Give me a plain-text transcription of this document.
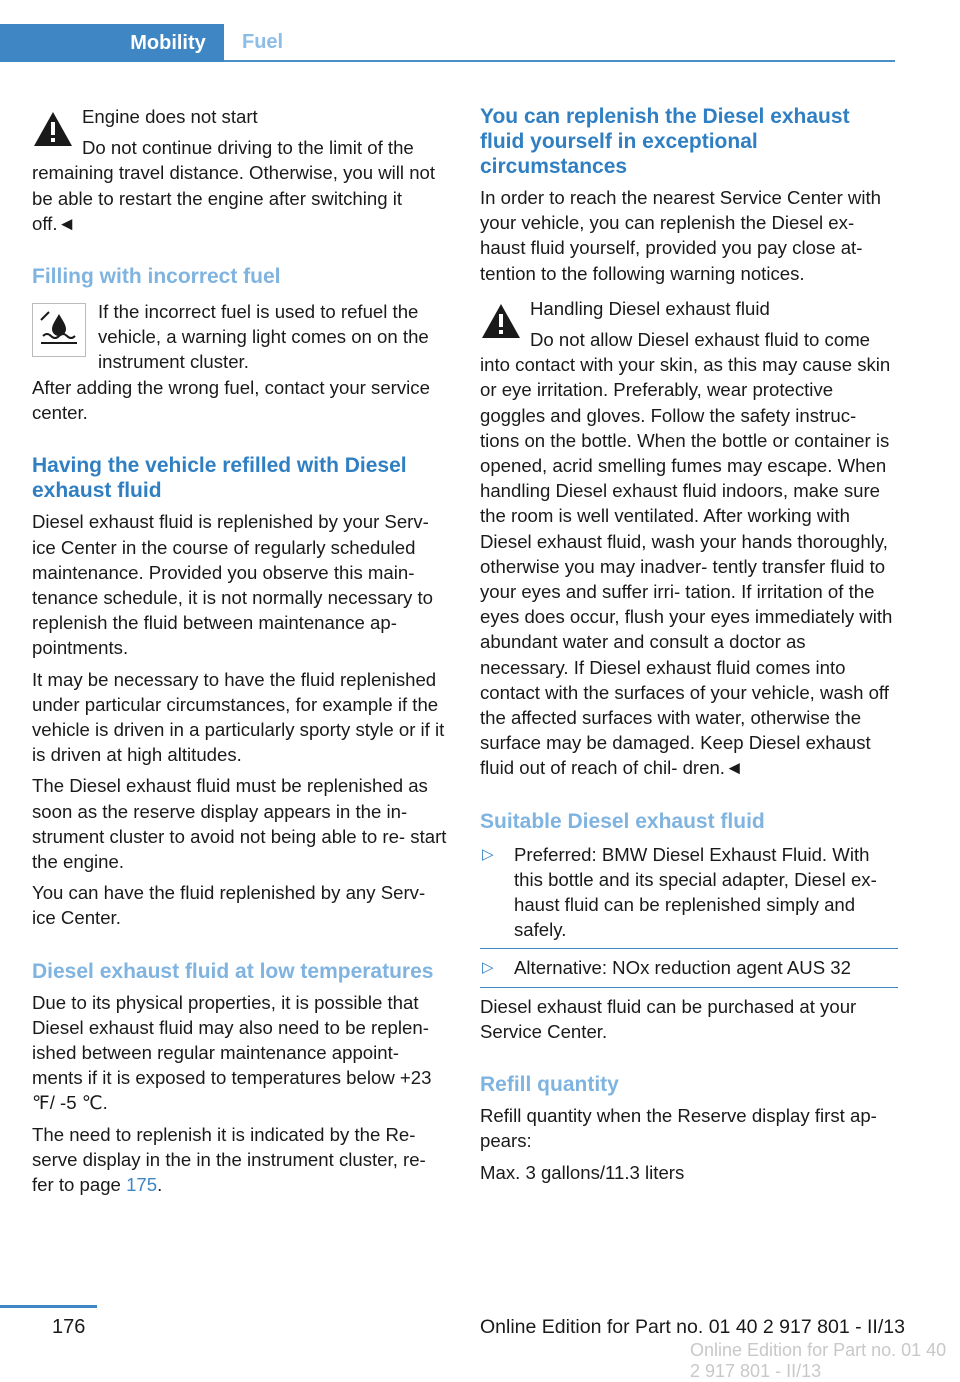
Mobility	Fuel

Engine does not start

Do not continue driving to the limit of the remaining travel distance. Otherwise, you will not be able to restart the engine after switching it off.◄

Filling with incorrect fuel

If the incorrect fuel is used to refuel the vehicle, a warning light comes on on the instrument cluster.

After adding the wrong fuel, contact your service center.

Having the vehicle refilled with Diesel exhaust fluid

Diesel exhaust fluid is replenished by your Serv‐ ice Center in the course of regularly scheduled maintenance. Provided you observe this main‐ tenance schedule, it is not normally necessary to replenish the fluid between maintenance ap‐ pointments.

It may be necessary to have the fluid replenished under particular circumstances, for example if the vehicle is driven in a particularly sporty style or if it is driven at high altitudes.

The Diesel exhaust fluid must be replenished as soon as the reserve display appears in the in‐ strument cluster to avoid not being able to re‐ start the engine.

You can have the fluid replenished by any Serv‐ ice Center.

Diesel exhaust fluid at low temperatures

Due to its physical properties, it is possible that Diesel exhaust fluid may also need to be replen‐ ished between regular maintenance appoint‐ ments if it is exposed to temperatures below +23 ℉/ -5 ℃.

The need to replenish it is indicated by the Re‐ serve display in the in the instrument cluster, re‐ fer to page 175.

You can replenish the Diesel exhaust fluid yourself in exceptional circumstances

In order to reach the nearest Service Center with your vehicle, you can replenish the Diesel ex‐ haust fluid yourself, provided you pay close at‐ tention to the following warning notices.

Handling Diesel exhaust fluid

Do not allow Diesel exhaust fluid to come into contact with your skin, as this may cause skin or eye irritation. Preferably, wear protective goggles and gloves. Follow the safety instruc‐ tions on the bottle. When the bottle or container is opened, acrid smelling fumes may escape. When handling Diesel exhaust fluid indoors, make sure the room is well ventilated. After working with Diesel exhaust fluid, wash your hands thoroughly, otherwise you may inadver‐ tently transfer fluid to your eyes and suffer irri‐ tation. If irritation of the eyes does occur, flush your eyes immediately with abundant water and consult a doctor as necessary. If Diesel exhaust fluid comes into contact with the surfaces of your vehicle, wash off the affected surfaces with water, otherwise the surface may be damaged. Keep Diesel exhaust fluid out of reach of chil‐ dren.◄

Suitable Diesel exhaust fluid
▷ Preferred: BMW Diesel Exhaust Fluid. With this bottle and its special adapter, Diesel ex‐ haust fluid can be replenished simply and safely.
▷ Alternative: NOx reduction agent AUS 32

Diesel exhaust fluid can be purchased at your Service Center.

Refill quantity

Refill quantity when the Reserve display first ap‐ pears:

Max. 3 gallons/11.3 liters

176	Online Edition for Part no. 01 40 2 917 801 - II/13
Online Edition for Part no. 01 40 2 917 801 - II/13
